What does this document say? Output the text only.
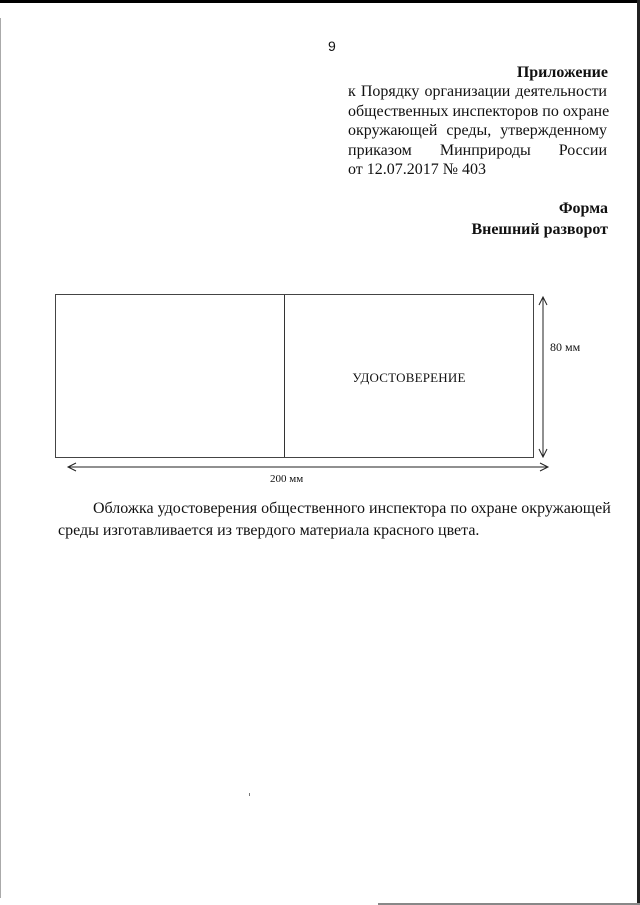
9
Приложение
к Порядку организации деятельности
общественных инспекторов по охране
окружающей среды, утвержденному
приказом Минприроды России
от 12.07.2017 № 403
Форма
Внешний разворот
УДОСТОВЕРЕНИЕ
80 мм
200 мм
Обложка удостоверения общественного инспектора по охране окружающей
среды изготавливается из твердого материала красного цвета.
